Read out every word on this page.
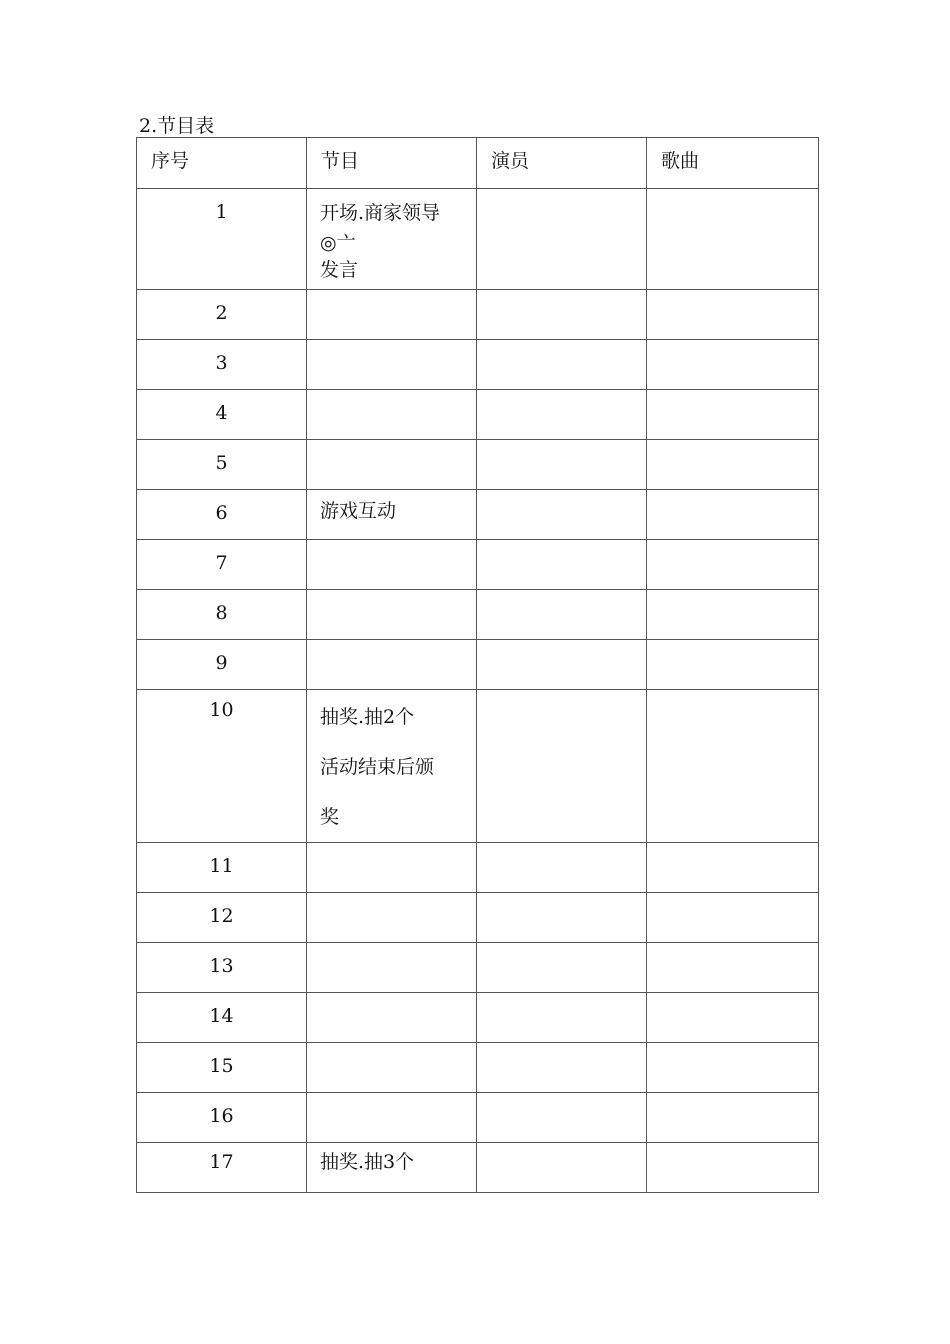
2.节目表
序号	节目	演员	歌曲
1	开场.商家领导
◎亠
发言		

2			
3			
4			
5			
6	游戏互动		

7			
8			
9			
10	抽奖.抽2个
活动结束后颁
奖		

11			
12			
13			
14			
15			
16			
17	抽奖.抽3个		
